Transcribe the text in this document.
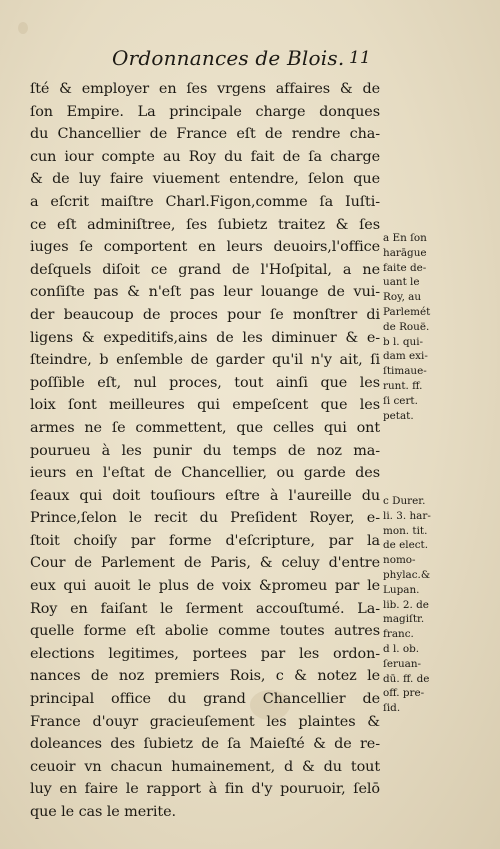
Ordonnances de Blois. 11
ſté & employer en ſes vrgens affaires & de
ſon Empire. La principale charge donques
du Chancellier de France eſt de rendre cha-
cun iour compte au Roy du fait de ſa charge
& de luy faire viuement entendre, ſelon que
a eſcrit maiſtre Charl.Figon,comme ſa Iuſti-
ce eſt adminiſtree, ſes ſubietz traitez & ſes
iuges ſe comportent en leurs deuoirs,l'office
deſquels diſoit ce grand de l'Hoſpital, a ne
conſiſte pas & n'eſt pas leur louange de vui-
der beaucoup de proces pour ſe monſtrer di
ligens & expeditifs,ains de les diminuer & e-
ſteindre, b enſemble de garder qu'il n'y ait, ſi
poſſible eſt, nul proces, tout ainſi que les
loix ſont meilleures qui empeſcent que les
armes ne ſe commettent, que celles qui ont
pourueu à les punir du temps de noz ma-
ieurs en l'eſtat de Chancellier, ou garde des
ſeaux qui doit touſiours eſtre à l'aureille du
Prince,ſelon le recit du Preſident Royer, e-
ſtoit choiſy par forme d'eſcripture, par la
Cour de Parlement de Paris, & celuy d'entre
eux qui auoit le plus de voix &promeu par le
Roy en faiſant le ſerment accouſtumé. La-
quelle forme eſt abolie comme toutes autres
elections legitimes, portees par les ordon-
nances de noz premiers Rois, c & notez le
principal office du grand Chancellier de
France d'ouyr gracieuſement les plaintes &
doleances des ſubietz de ſa Maieſté & de re-
ceuoir vn chacun humainement, d & du tout
luy en faire le rapport à fin d'y pouruoir, ſelō
que le cas le merite.
a En ſon
harāgue
faite de-
uant le
Roy, au
Parlemét
de Rouë.
b l. qui-
dam exi-
ſtimaue-
runt. ff.
ſi cert.
petat.
c Durer.
li. 3. har-
mon. tit.
de elect.
nomo-
phylac.&
Lupan.
lib. 2. de
magiſtr.
franc.
d l. ob.
ſeruan-
dū. ff. de
off. pre-
ſid.
